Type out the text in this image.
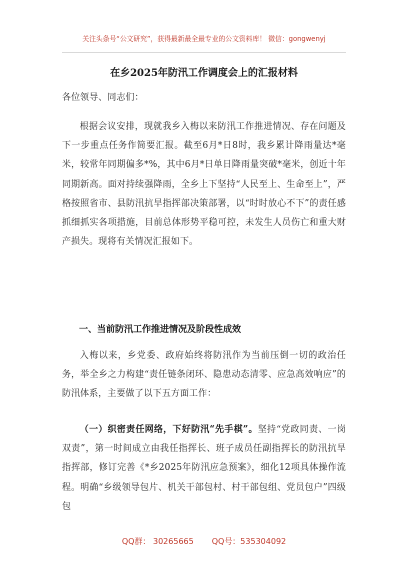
关注头条号“公文研究”，获得最新最全最专业的公文资料库！ 微信：gongwenyj
在乡2025年防汛工作调度会上的汇报材料
各位领导、同志们：
根据会议安排，现就我乡入梅以来防汛工作推进情况、存在问题及下一步重点任务作简要汇报。截至6月*日8时，我乡累计降雨量达*毫米，较常年同期偏多*%，其中6月*日单日降雨量突破*毫米，创近十年同期新高。面对持续强降雨，全乡上下坚持“人民至上、生命至上”，严格按照省市、县防汛抗旱指挥部决策部署，以“时时放心不下”的责任感抓细抓实各项措施，目前总体形势平稳可控，未发生人员伤亡和重大财产损失。现将有关情况汇报如下。
一、当前防汛工作推进情况及阶段性成效
入梅以来，乡党委、政府始终将防汛作为当前压倒一切的政治任务，举全乡之力构建“责任链条闭环、隐患动态清零、应急高效响应”的防汛体系，主要做了以下五方面工作：
（一）织密责任网络，下好防汛“先手棋”。坚持“党政同责、一岗双责”，第一时间成立由我任指挥长、班子成员任副指挥长的防汛抗旱指挥部，修订完善《*乡2025年防汛应急预案》，细化12项具体操作流程。明确“乡级领导包片、机关干部包村、村干部包组、党员包户”四级包
QQ群： 30265665 QQ号：535304092
